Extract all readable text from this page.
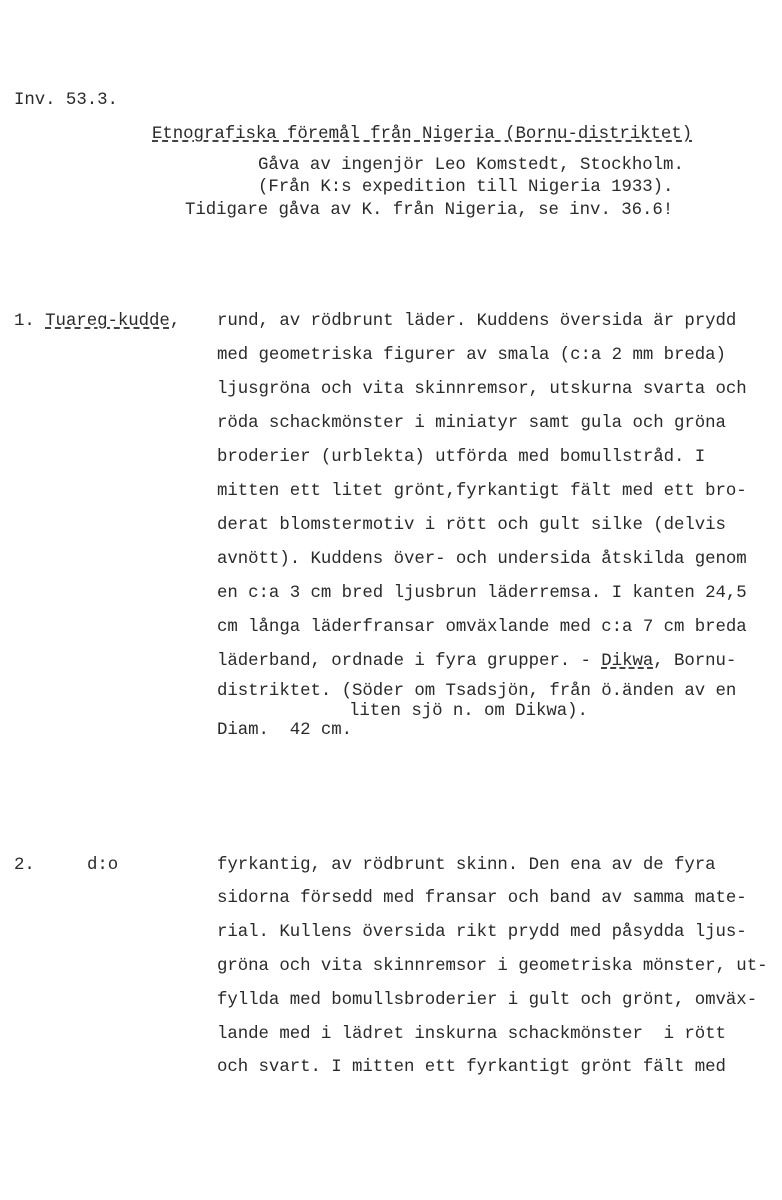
Inv. 53.3.
Etnografiska föremål från Nigeria (Bornu-distriktet)
Gåva av ingenjör Leo Komstedt, Stockholm.
(Från K:s expedition till Nigeria 1933).
Tidigare gåva av K. från Nigeria, se inv. 36.6!
1. Tuareg-kudde, rund, av rödbrunt läder. Kuddens översida är prydd
med geometriska figurer av smala (c:a 2 mm breda)
ljusgröna och vita skinnremsor, utskurna svarta och
röda schackmönster i miniatyr samt gula och gröna
broderier (urblekta) utförda med bomullstråd. I
mitten ett litet grönt,fyrkantigt fält med ett bro-
derat blomstermotiv i rött och gult silke (delvis
avnött). Kuddens över- och undersida åtskilda genom
en c:a 3 cm bred ljusbrun läderremsa. I kanten 24,5
cm långa läderfransar omväxlande med c:a 7 cm breda
läderband, ordnade i fyra grupper. - Dikwa, Bornu-
distriktet. (Söder om Tsadsjön, från ö.änden av en
liten sjö n. om Dikwa).
Diam.  42 cm.
2.	d:o	fyrkantig, av rödbrunt skinn. Den ena av de fyra
sidorna försedd med fransar och band av samma mate-
rial. Kullens översida rikt prydd med påsydda ljus-
gröna och vita skinnremsor i geometriska mönster, ut-
fyllda med bomullsbroderier i gult och grönt, omväx-
lande med i lädret inskurna schackmönster  i rött
och svart. I mitten ett fyrkantigt grönt fält med
